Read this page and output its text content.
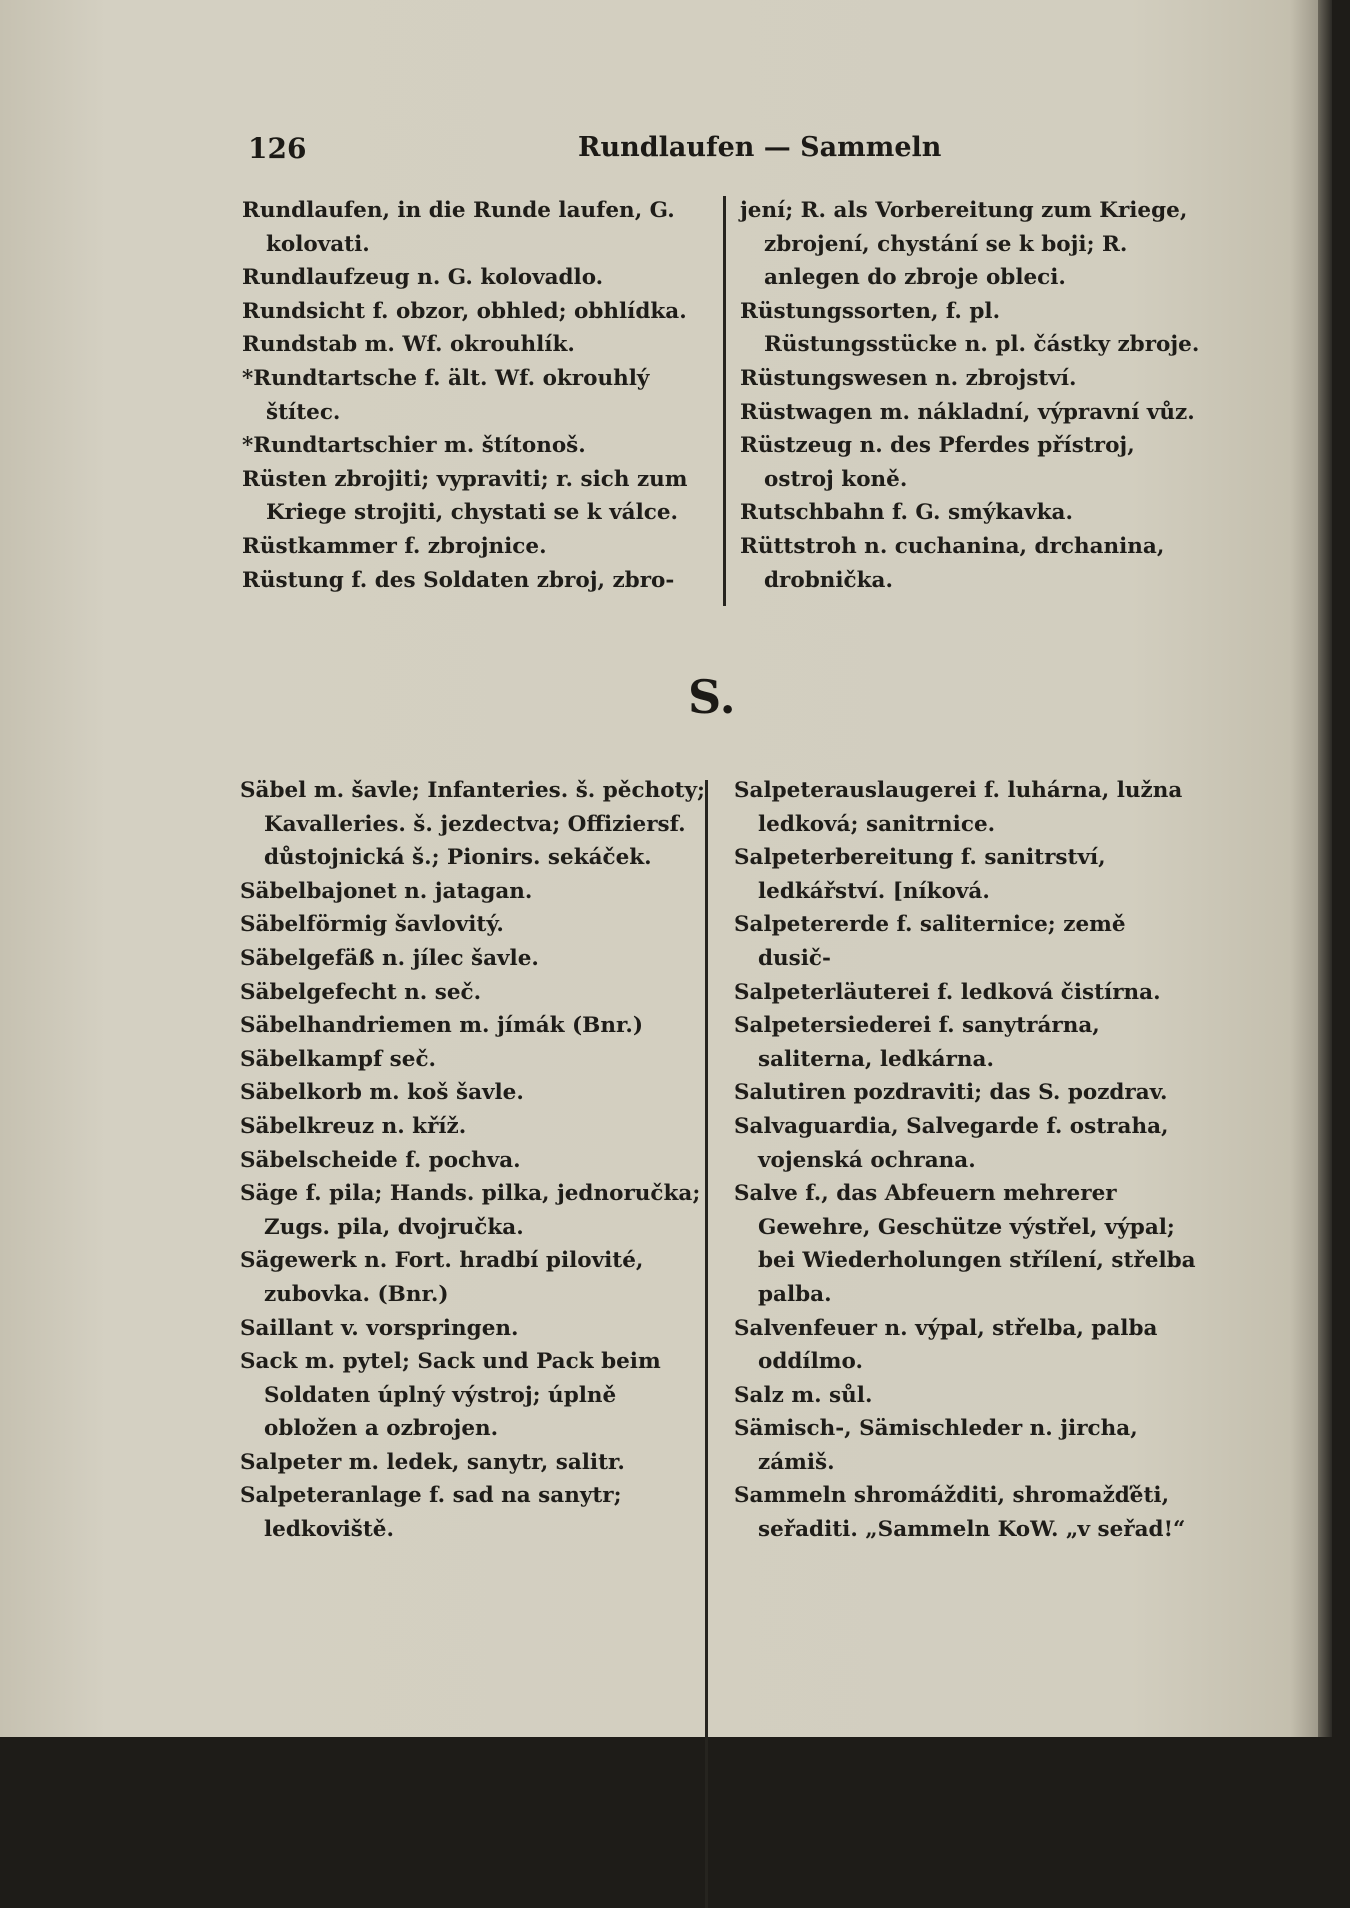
126	Rundlaufen — Sammeln
Rundlaufen, in die Runde laufen, G. kolovati.
Rundlaufzeug n. G. kolovadlo.
Rundsicht f. obzor, obhled; obhlídka.
Rundstab m. Wf. okrouhlík.
*Rundtartsche f. ält. Wf. okrouhlý štítec.
*Rundtartschier m. štítonoš.
Rüsten zbrojiti; vypraviti; r. sich zum Kriege strojiti, chystati se k válce.
Rüstkammer f. zbrojnice.
Rüstung f. des Soldaten zbroj, zbro-
jení; R. als Vorbereitung zum Kriege, zbrojení, chystání se k boji; R. anlegen do zbroje obleci.
Rüstungssorten, f. pl. Rüstungsstücke n. pl. částky zbroje.
Rüstungswesen n. zbrojství.
Rüstwagen m. nákladní, výpravní vůz.
Rüstzeug n. des Pferdes přístroj, ostroj koně.
Rutschbahn f. G. smýkavka.
Rüttstroh n. cuchanina, drchanina, drobnička.
S.
Säbel m. šavle; Infanteries. š. pěchoty; Kavalleries. š. jezdectva; Offiziersf. důstojnická š.; Pionirs. sekáček.
Säbelbajonet n. jatagan.
Säbelförmig šavlovitý.
Säbelgefäß n. jílec šavle.
Säbelgefecht n. seč.
Säbelhandriemen m. jímák (Bnr.)
Säbelkampf seč.
Säbelkorb m. koš šavle.
Säbelkreuz n. kříž.
Säbelscheide f. pochva.
Säge f. pila; Hands. pilka, jednoručka; Zugs. pila, dvojručka.
Sägewerk n. Fort. hradbí pilovité, zubovka. (Bnr.)
Saillant v. vorspringen.
Sack m. pytel; Sack und Pack beim Soldaten úplný výstroj; úplně obložen a ozbrojen.
Salpeter m. ledek, sanytr, salitr.
Salpeteranlage f. sad na sanytr; ledkoviště.
Salpeterauslaugerei f. luhárna, lužna ledková; sanitrnice.
Salpeterbereitung f. sanitrství, ledkářství. [níková.
Salpetererde f. saliternice; země dusič-
Salpeterläuterei f. ledková čistírna.
Salpetersiederei f. sanytrárna, saliterna, ledkárna.
Salutiren pozdraviti; das S. pozdrav.
Salvaguardia, Salvegarde f. ostraha, vojenská ochrana.
Salve f., das Abfeuern mehrerer Gewehre, Geschütze výstřel, výpal; bei Wiederholungen střílení, střelba palba.
Salvenfeuer n. výpal, střelba, palba oddílmo.
Salz m. sůl.
Sämisch-, Sämischleder n. jircha, zámiš.
Sammeln shromážditi, shromažďěti, seřaditi. „Sammeln KoW. „v seřad!“
